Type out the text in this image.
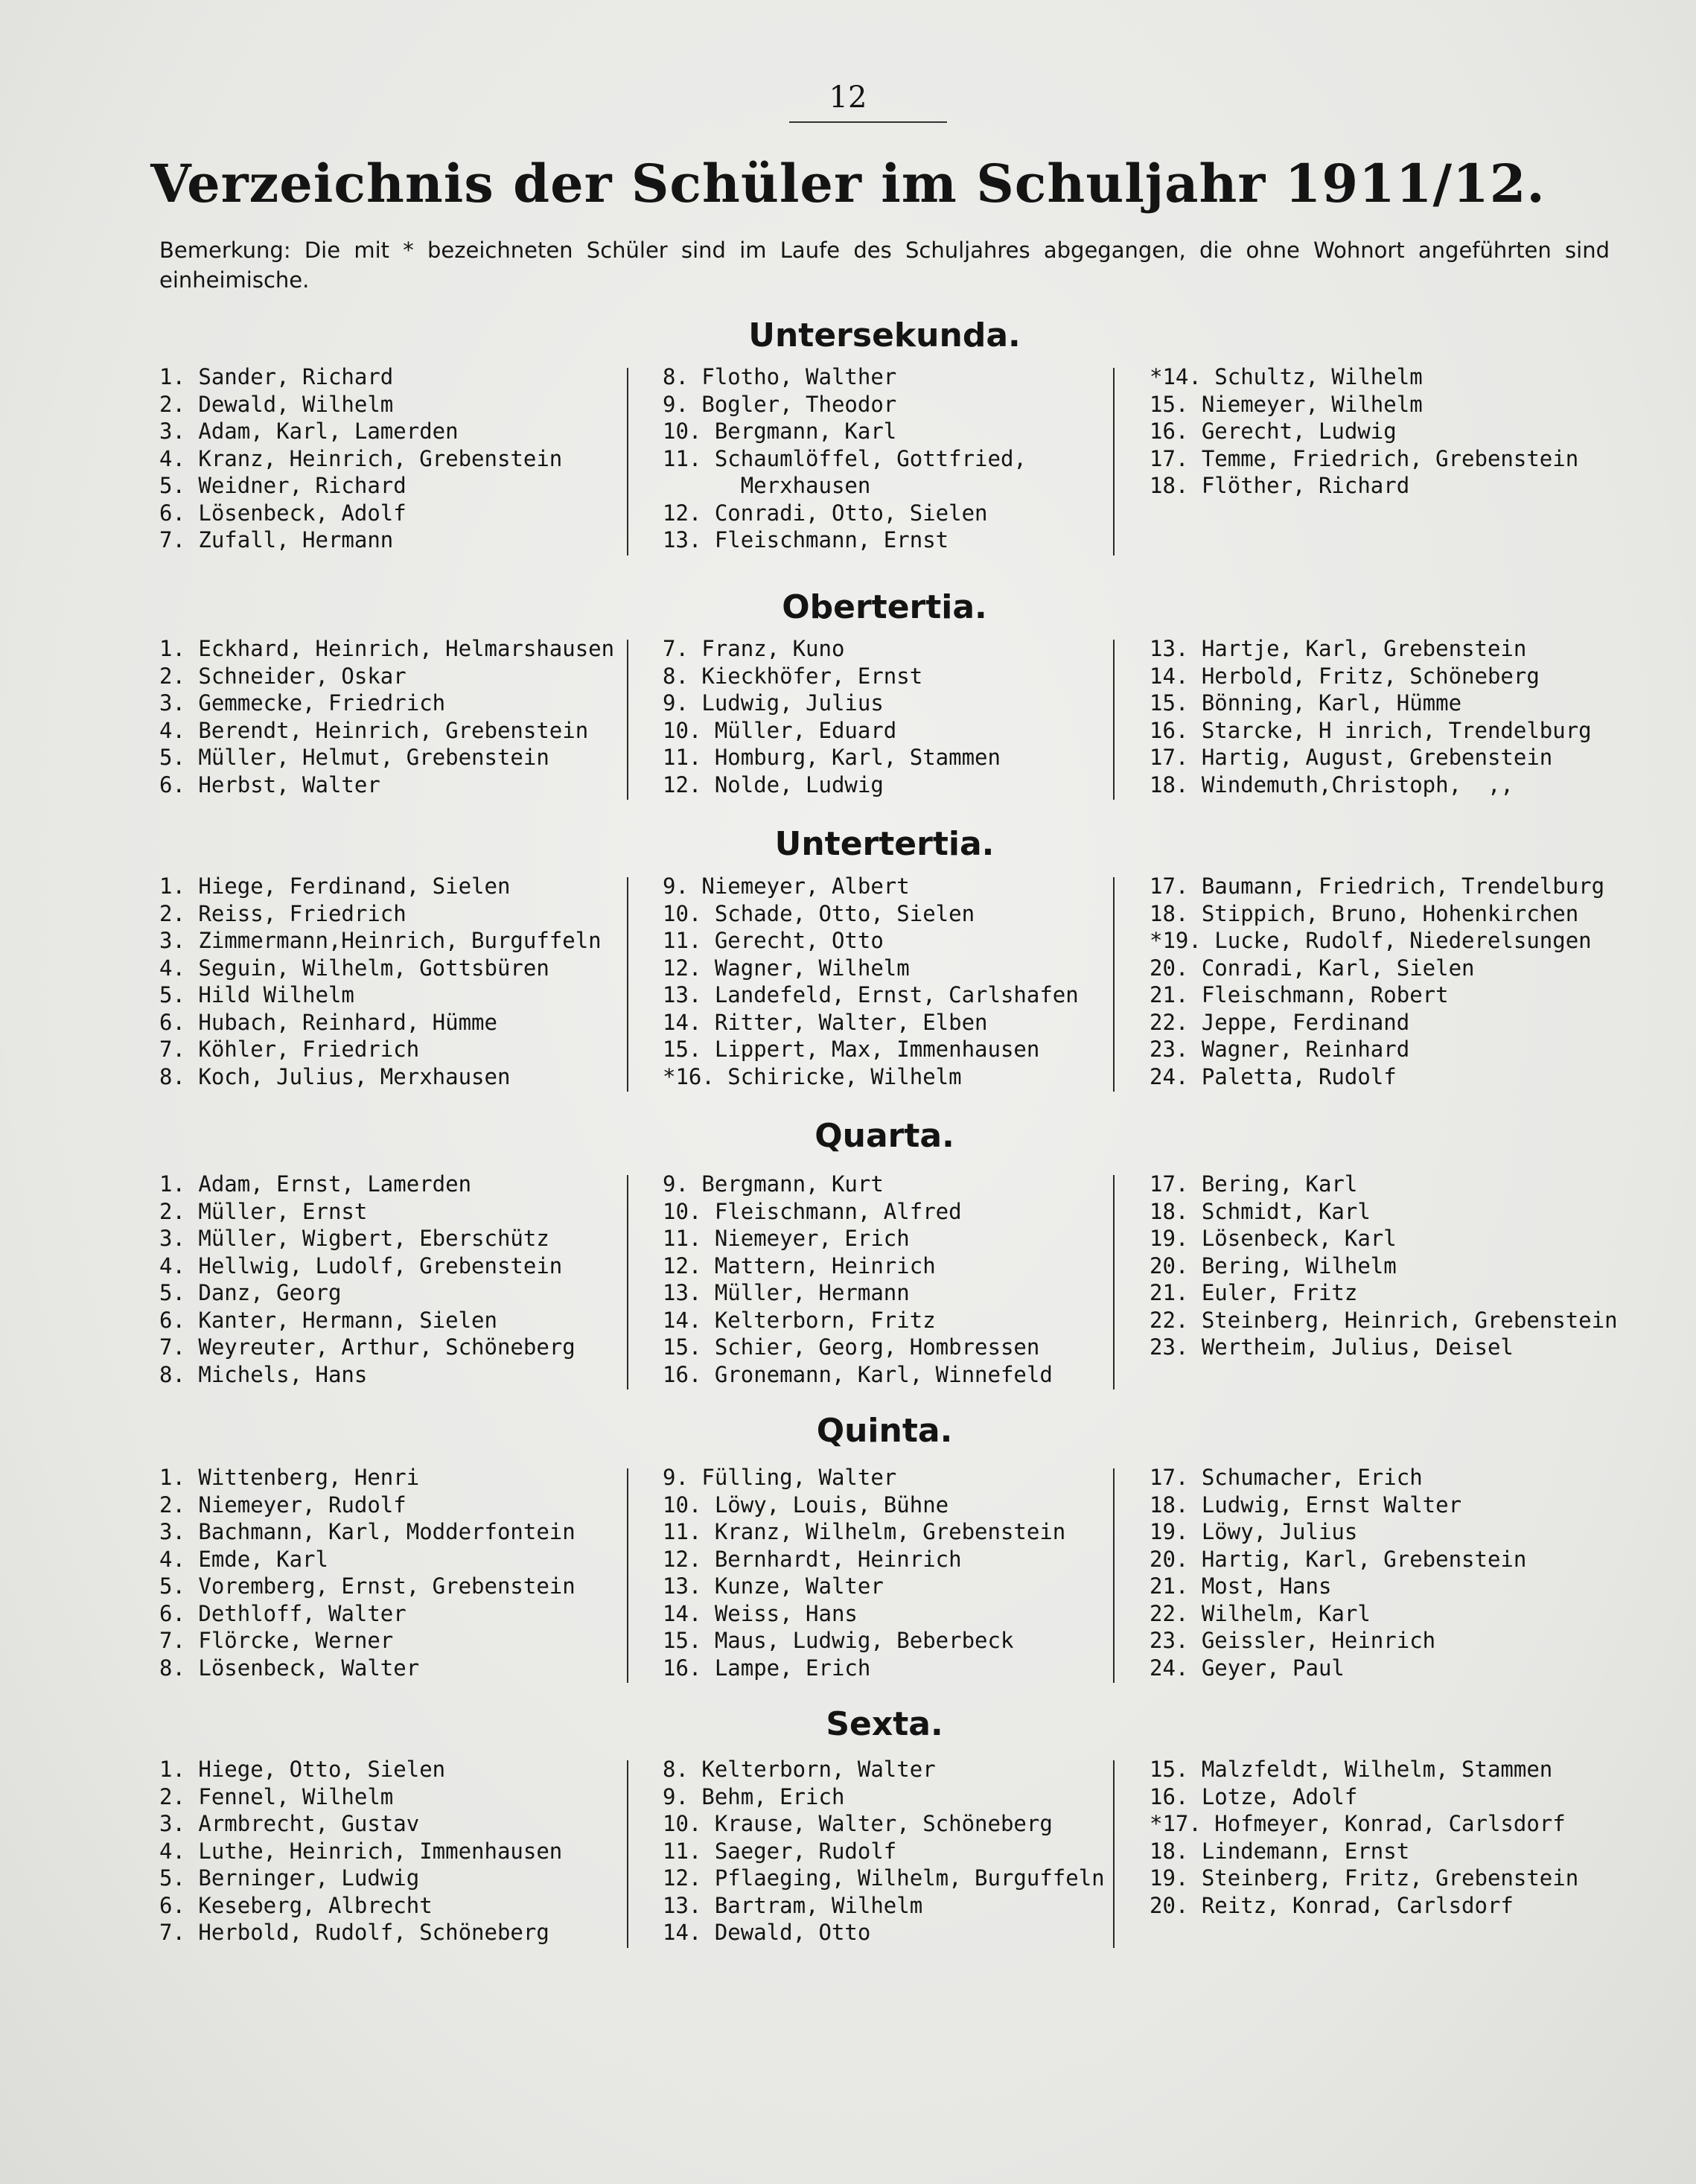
12
Verzeichnis der Schüler im Schuljahr 1911/12.
Bemerkung: Die mit * bezeichneten Schüler sind im Laufe des Schuljahres abgegangen, die ohne Wohnort angeführten sind einheimische.
Untersekunda.
1. Sander, Richard
2. Dewald, Wilhelm
3. Adam, Karl, Lamerden
4. Kranz, Heinrich, Grebenstein
5. Weidner, Richard
6. Lösenbeck, Adolf
7. Zufall, Hermann
8. Flotho, Walther
9. Bogler, Theodor
10. Bergmann, Karl
11. Schaumlöffel, Gottfried,
Merxhausen
12. Conradi, Otto, Sielen
13. Fleischmann, Ernst
*14. Schultz, Wilhelm
15. Niemeyer, Wilhelm
16. Gerecht, Ludwig
17. Temme, Friedrich, Grebenstein
18. Flöther, Richard
Obertertia.
1. Eckhard, Heinrich, Helmarshausen
2. Schneider, Oskar
3. Gemmecke, Friedrich
4. Berendt, Heinrich, Grebenstein
5. Müller, Helmut, Grebenstein
6. Herbst, Walter
7. Franz, Kuno
8. Kieckhöfer, Ernst
9. Ludwig, Julius
10. Müller, Eduard
11. Homburg, Karl, Stammen
12. Nolde, Ludwig
13. Hartje, Karl, Grebenstein
14. Herbold, Fritz, Schöneberg
15. Bönning, Karl, Hümme
16. Starcke, H inrich, Trendelburg
17. Hartig, August, Grebenstein
18. Windemuth,Christoph,  ,,
Untertertia.
1. Hiege, Ferdinand, Sielen
2. Reiss, Friedrich
3. Zimmermann,Heinrich, Burguffeln
4. Seguin, Wilhelm, Gottsbüren
5. Hild Wilhelm
6. Hubach, Reinhard, Hümme
7. Köhler, Friedrich
8. Koch, Julius, Merxhausen
9. Niemeyer, Albert
10. Schade, Otto, Sielen
11. Gerecht, Otto
12. Wagner, Wilhelm
13. Landefeld, Ernst, Carlshafen
14. Ritter, Walter, Elben
15. Lippert, Max, Immenhausen
*16. Schiricke, Wilhelm
17. Baumann, Friedrich, Trendelburg
18. Stippich, Bruno, Hohenkirchen
*19. Lucke, Rudolf, Niederelsungen
20. Conradi, Karl, Sielen
21. Fleischmann, Robert
22. Jeppe, Ferdinand
23. Wagner, Reinhard
24. Paletta, Rudolf
Quarta.
1. Adam, Ernst, Lamerden
2. Müller, Ernst
3. Müller, Wigbert, Eberschütz
4. Hellwig, Ludolf, Grebenstein
5. Danz, Georg
6. Kanter, Hermann, Sielen
7. Weyreuter, Arthur, Schöneberg
8. Michels, Hans
9. Bergmann, Kurt
10. Fleischmann, Alfred
11. Niemeyer, Erich
12. Mattern, Heinrich
13. Müller, Hermann
14. Kelterborn, Fritz
15. Schier, Georg, Hombressen
16. Gronemann, Karl, Winnefeld
17. Bering, Karl
18. Schmidt, Karl
19. Lösenbeck, Karl
20. Bering, Wilhelm
21. Euler, Fritz
22. Steinberg, Heinrich, Grebenstein
23. Wertheim, Julius, Deisel
Quinta.
1. Wittenberg, Henri
2. Niemeyer, Rudolf
3. Bachmann, Karl, Modderfontein
4. Emde, Karl
5. Voremberg, Ernst, Grebenstein
6. Dethloff, Walter
7. Flörcke, Werner
8. Lösenbeck, Walter
9. Fülling, Walter
10. Löwy, Louis, Bühne
11. Kranz, Wilhelm, Grebenstein
12. Bernhardt, Heinrich
13. Kunze, Walter
14. Weiss, Hans
15. Maus, Ludwig, Beberbeck
16. Lampe, Erich
17. Schumacher, Erich
18. Ludwig, Ernst Walter
19. Löwy, Julius
20. Hartig, Karl, Grebenstein
21. Most, Hans
22. Wilhelm, Karl
23. Geissler, Heinrich
24. Geyer, Paul
Sexta.
1. Hiege, Otto, Sielen
2. Fennel, Wilhelm
3. Armbrecht, Gustav
4. Luthe, Heinrich, Immenhausen
5. Berninger, Ludwig
6. Keseberg, Albrecht
7. Herbold, Rudolf, Schöneberg
8. Kelterborn, Walter
9. Behm, Erich
10. Krause, Walter, Schöneberg
11. Saeger, Rudolf
12. Pflaeging, Wilhelm, Burguffeln
13. Bartram, Wilhelm
14. Dewald, Otto
15. Malzfeldt, Wilhelm, Stammen
16. Lotze, Adolf
*17. Hofmeyer, Konrad, Carlsdorf
18. Lindemann, Ernst
19. Steinberg, Fritz, Grebenstein
20. Reitz, Konrad, Carlsdorf
